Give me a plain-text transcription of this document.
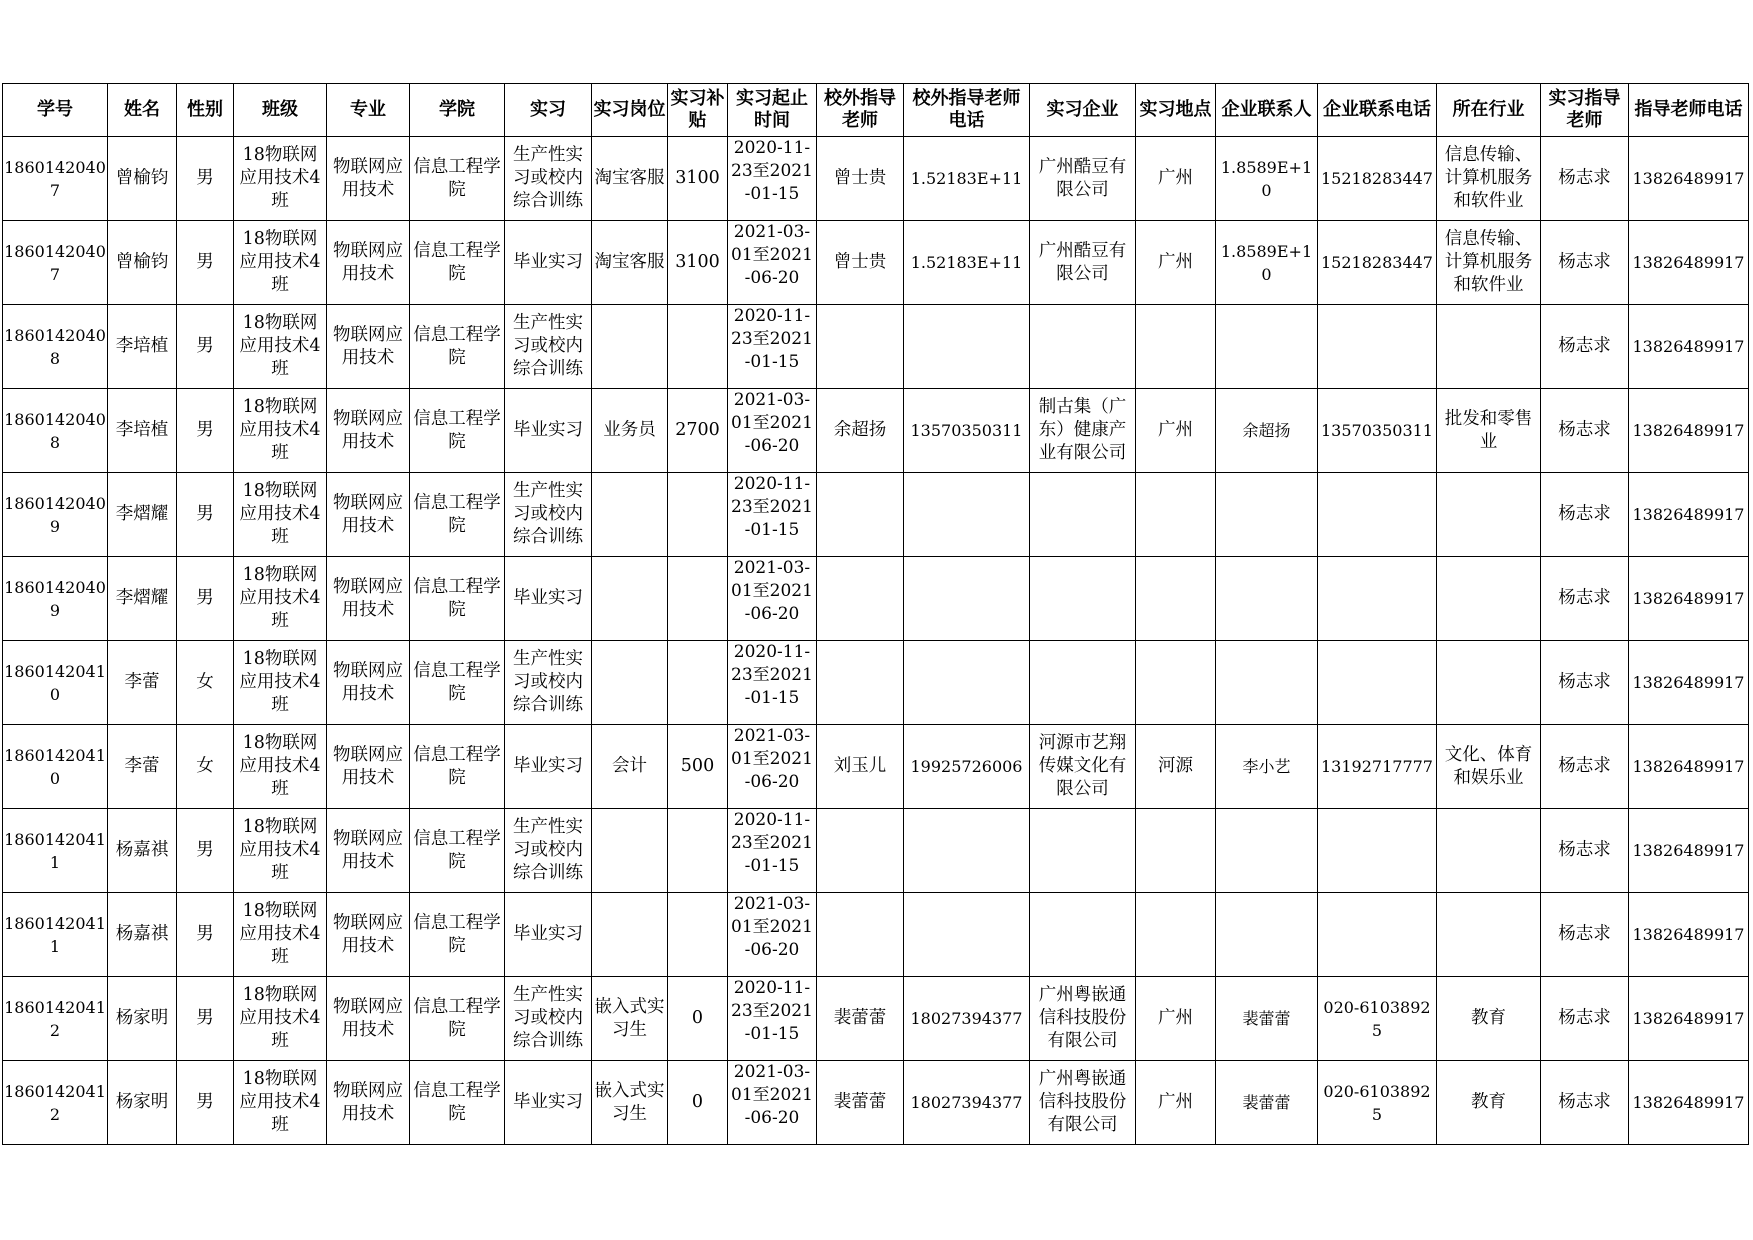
学号	姓名	性别	班级	专业	学院	实习	实习岗位	实习补贴	实习起止时间	校外指导老师	校外指导老师电话	实习企业	实习地点	企业联系人	企业联系电话	所在行业	实习指导老师	指导老师电话
18601420407	曾榆钧	男	18物联网应用技术4班	物联网应用技术	信息工程学院	生产性实习或校内综合训练	淘宝客服	3100	2020-11-23至2021-01-15	曾士贵	1.52183E+11	广州酷豆有限公司	广州	1.8589E+10	15218283447	信息传输、计算机服务和软件业	杨志求	13826489917
18601420407	曾榆钧	男	18物联网应用技术4班	物联网应用技术	信息工程学院	毕业实习	淘宝客服	3100	2021-03-01至2021-06-20	曾士贵	1.52183E+11	广州酷豆有限公司	广州	1.8589E+10	15218283447	信息传输、计算机服务和软件业	杨志求	13826489917
18601420408	李培植	男	18物联网应用技术4班	物联网应用技术	信息工程学院	生产性实习或校内综合训练			2020-11-23至2021-01-15								杨志求	13826489917
18601420408	李培植	男	18物联网应用技术4班	物联网应用技术	信息工程学院	毕业实习	业务员	2700	2021-03-01至2021-06-20	余超扬	13570350311	制古集（广东）健康产业有限公司	广州	余超扬	13570350311	批发和零售业	杨志求	13826489917
18601420409	李熠耀	男	18物联网应用技术4班	物联网应用技术	信息工程学院	生产性实习或校内综合训练			2020-11-23至2021-01-15								杨志求	13826489917
18601420409	李熠耀	男	18物联网应用技术4班	物联网应用技术	信息工程学院	毕业实习			2021-03-01至2021-06-20								杨志求	13826489917
18601420410	李蕾	女	18物联网应用技术4班	物联网应用技术	信息工程学院	生产性实习或校内综合训练			2020-11-23至2021-01-15								杨志求	13826489917
18601420410	李蕾	女	18物联网应用技术4班	物联网应用技术	信息工程学院	毕业实习	会计	500	2021-03-01至2021-06-20	刘玉儿	19925726006	河源市艺翔传媒文化有限公司	河源	李小艺	13192717777	文化、体育和娱乐业	杨志求	13826489917
18601420411	杨嘉祺	男	18物联网应用技术4班	物联网应用技术	信息工程学院	生产性实习或校内综合训练			2020-11-23至2021-01-15								杨志求	13826489917
18601420411	杨嘉祺	男	18物联网应用技术4班	物联网应用技术	信息工程学院	毕业实习			2021-03-01至2021-06-20								杨志求	13826489917
18601420412	杨家明	男	18物联网应用技术4班	物联网应用技术	信息工程学院	生产性实习或校内综合训练	嵌入式实习生	0	2020-11-23至2021-01-15	裴蕾蕾	18027394377	广州粤嵌通信科技股份有限公司	广州	裴蕾蕾	020-61038925	教育	杨志求	13826489917
18601420412	杨家明	男	18物联网应用技术4班	物联网应用技术	信息工程学院	毕业实习	嵌入式实习生	0	2021-03-01至2021-06-20	裴蕾蕾	18027394377	广州粤嵌通信科技股份有限公司	广州	裴蕾蕾	020-61038925	教育	杨志求	13826489917
